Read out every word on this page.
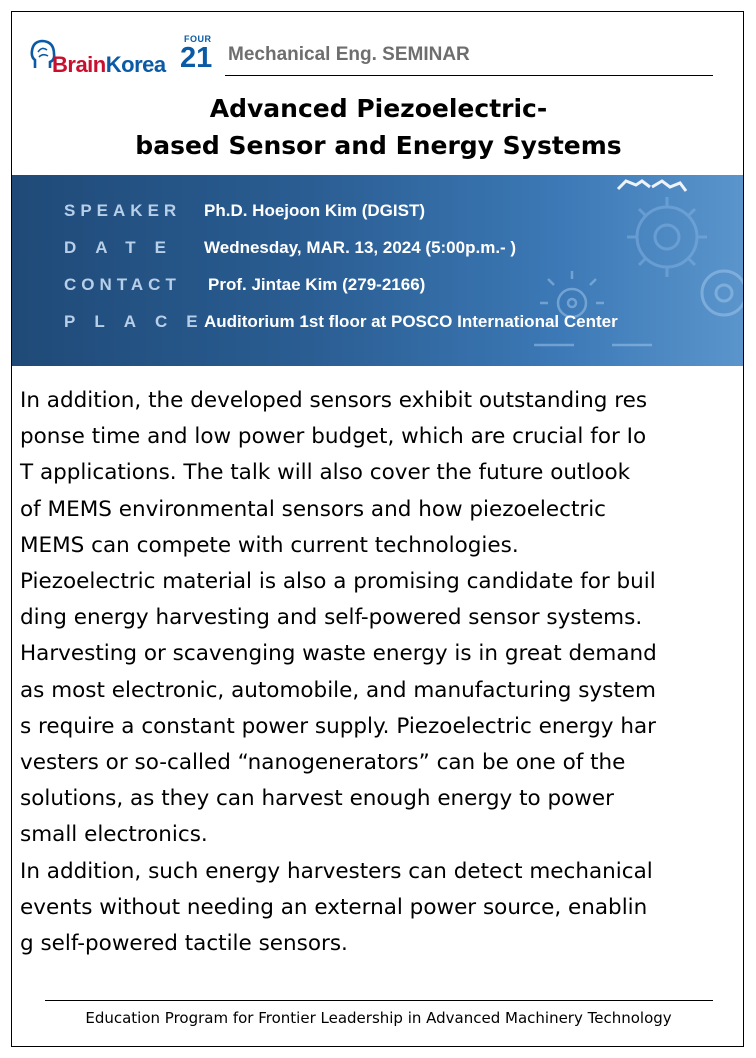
BrainKorea
FOUR
21 Mechanical Eng. SEMINAR
Advanced Piezoelectric-
based Sensor and Energy Systems
SPEAKER Ph.D. Hoejoon Kim (DGIST)
DATE Wednesday, MAR. 13, 2024 (5:00p.m.- )
CONTACT Prof. Jintae Kim (279-2166)
PLACE
Auditorium 1st floor at POSCO International Center

In addition, the developed sensors exhibit outstanding res

ponse time and low power budget, which are crucial for Io

T applications. The talk will also cover the future outlook

of MEMS environmental sensors and how piezoelectric

MEMS can compete with current technologies.

Piezoelectric material is also a promising candidate for buil

ding energy harvesting and self-powered sensor systems.

Harvesting or scavenging waste energy is in great demand

as most electronic, automobile, and manufacturing system

s require a constant power supply. Piezoelectric energy har

vesters or so-called “nanogenerators” can be one of the

solutions, as they can harvest enough energy to power

small electronics.

In addition, such energy harvesters can detect mechanical

events without needing an external power source, enablin

g self-powered tactile sensors.

Education Program for Frontier Leadership in Advanced Machinery Technology
